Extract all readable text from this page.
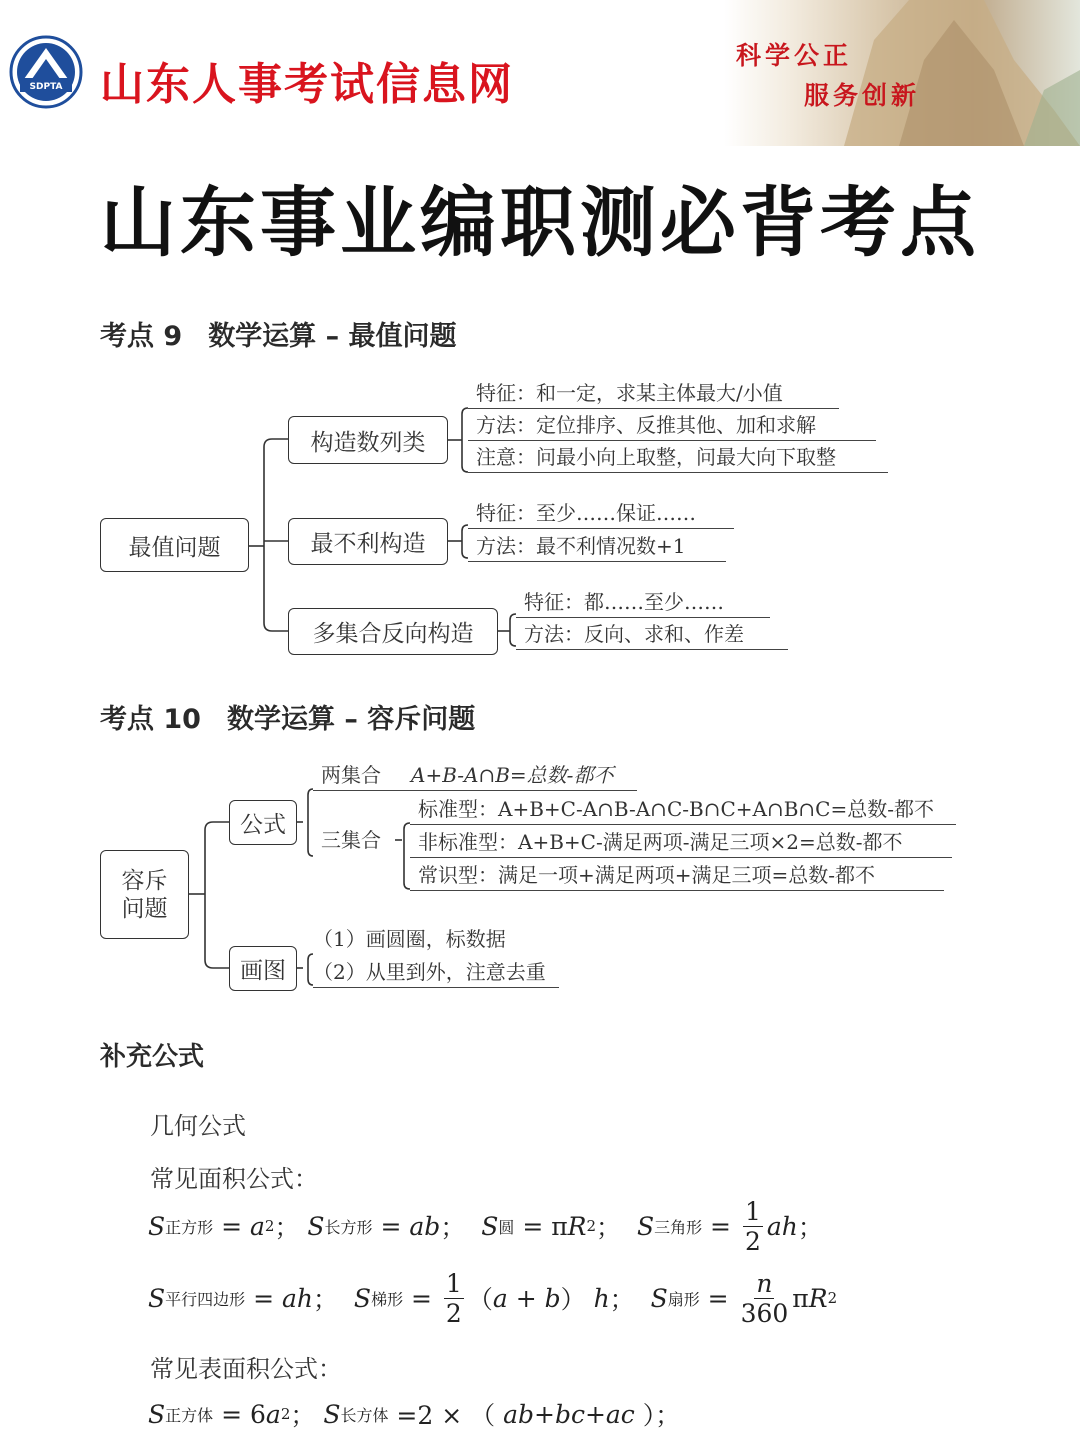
SDPTA 山东人事考试信息网
科学公正
服务创新
山东事业编职测必背考点
考点 9 数学运算 – 最值问题
最值问题
构造数列类
特征：和一定，求某主体最大/小值
方法：定位排序、反推其他、加和求解
注意：问最小向上取整，问最大向下取整
最不利构造
特征：至少……保证……
方法：最不利情况数+1
多集合反向构造
特征：都……至少……
方法：反向、求和、作差
考点 10 数学运算 – 容斥问题
容斥
问题
公式
两集合 A+B-A∩B=总数-都不
三集合
标准型：A+B+C-A∩B-A∩C-B∩C+A∩B∩C=总数-都不
非标准型：A+B+C-满足两项-满足三项×2=总数-都不
常识型：满足一项+满足两项+满足三项=总数-都不
画图
（1）画圆圈，标数据
（2）从里到外，注意去重
补充公式
几何公式
常见面积公式：
S 正方形 = a 2 ； S 长方形 = ab ； S 圆 = π R 2 ； S 三角形 = $\frac{1}{2}$ ah ；
S 平行四边形 = ah ； S 梯形 = $\frac{1}{2}$ （ a + b ） h ； S 扇形 = $\frac{n}{360}$ π R 2
常见表面积公式：
S 正方体 = 6 a 2 ； S 长方体 =2 × （ ab + bc + ac ）；
